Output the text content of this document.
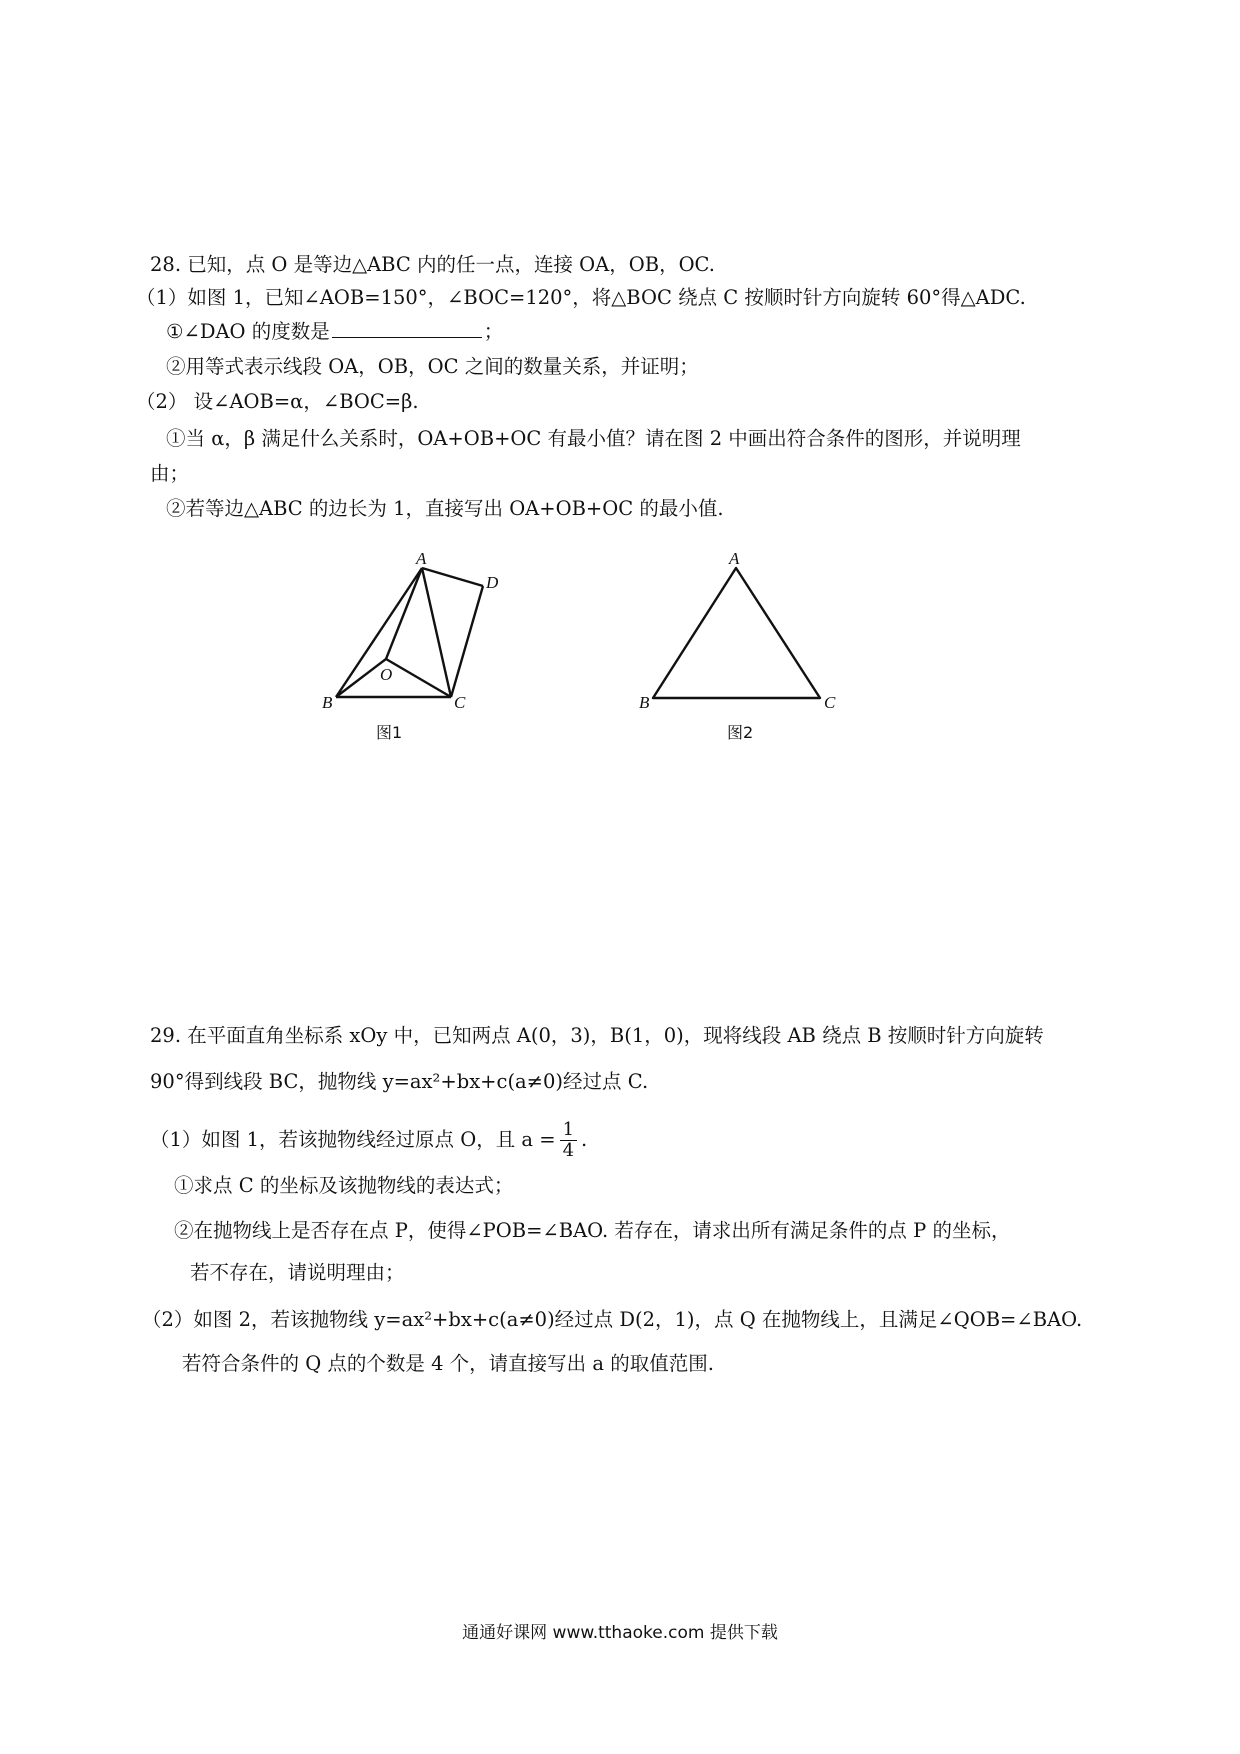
28. 已知，点 O 是等边△ABC 内的任一点，连接 OA，OB，OC.
（1）如图 1，已知∠AOB=150°，∠BOC=120°，将△BOC 绕点 C 按顺时针方向旋转 60°得△ADC.
①∠DAO 的度数是	；
②用等式表示线段 OA，OB，OC 之间的数量关系，并证明；
（2） 设∠AOB=α，∠BOC=β.
①当 α，β 满足什么关系时，OA+OB+OC 有最小值？请在图 2 中画出符合条件的图形，并说明理
由；
②若等边△ABC 的边长为 1，直接写出 OA+OB+OC 的最小值.
A
D
O
B	C
图1
A
B	C
图2
29. 在平面直角坐标系 xOy 中，已知两点 A(0，3)，B(1，0)，现将线段 AB 绕点 B 按顺时针方向旋转
90°得到线段 BC，抛物线 y=ax²+bx+c(a≠0)经过点 C.
（1）如图 1，若该抛物线经过原点 O，且 $a = \frac{1}{4}$ .
①求点 C 的坐标及该抛物线的表达式；
②在抛物线上是否存在点 P，使得∠POB=∠BAO. 若存在，请求出所有满足条件的点 P 的坐标，
若不存在，请说明理由；
（2）如图 2，若该抛物线 y=ax²+bx+c(a≠0)经过点 D(2，1)，点 Q 在抛物线上，且满足∠QOB=∠BAO.
若符合条件的 Q 点的个数是 4 个，请直接写出 a 的取值范围.
通通好课网 www.tthaoke.com 提供下载
